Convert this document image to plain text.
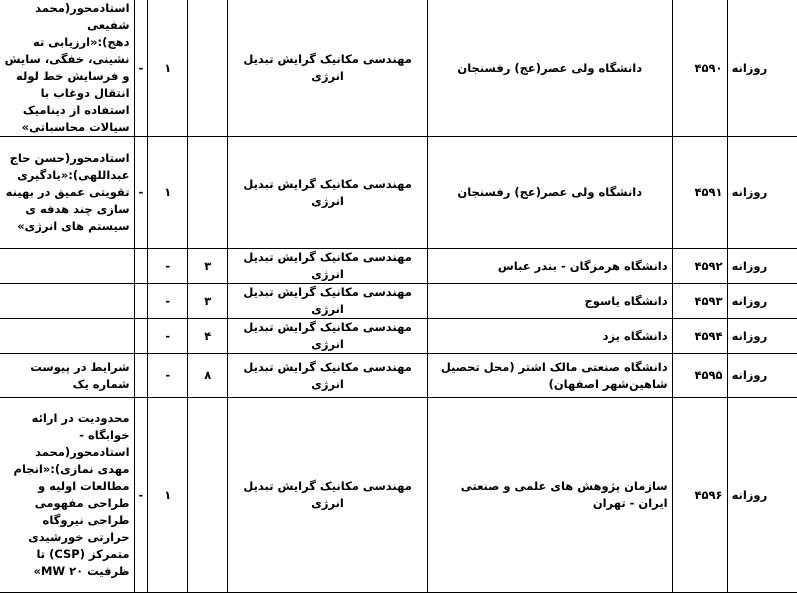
روزانه	۴۵۹۰	دانشگاه ولی عصر(عج) رفسنجان	مهندسی مکانیک گرایش تبدیل انرژی		۱	-	استادمحور(محمد شفیعی دهج):«ارزیابی ته نشینی، خفگی، سایش و فرسایش خط لوله انتقال دوغاب با استفاده از دینامیک سیالات محاسباتی»
روزانه	۴۵۹۱	دانشگاه ولی عصر(عج) رفسنجان	مهندسی مکانیک گرایش تبدیل انرژی		۱	-	استادمحور(حسن حاج عبداللهی):«یادگیری تقویتی عمیق در بهینه سازی چند هدفه ی سیستم های انرژی»
روزانه	۴۵۹۲	دانشگاه هرمزگان - بندر عباس	مهندسی مکانیک گرایش تبدیل انرژی	۳	-		
روزانه	۴۵۹۳	دانشگاه یاسوج	مهندسی مکانیک گرایش تبدیل انرژی	۳	-		
روزانه	۴۵۹۴	دانشگاه یزد	مهندسی مکانیک گرایش تبدیل انرژی	۴	-		
روزانه	۴۵۹۵	دانشگاه صنعتی مالک اشتر (محل تحصیل شاهین‌شهر اصفهان)	مهندسی مکانیک گرایش تبدیل انرژی	۸	-		شرایط در پیوست شماره یک
روزانه	۴۵۹۶	سازمان پژوهش های علمی و صنعتی ایران - تهران	مهندسی مکانیک گرایش تبدیل انرژی		۱	-	محدودیت در ارائه خوابگاه - استادمحور(محمد مهدی نمازی):«انجام مطالعات اولیه و طراحی مفهومی طراحی نیروگاه حرارتی خورشیدی متمرکز (CSP) تا ظرفیت MW ۲۰»
